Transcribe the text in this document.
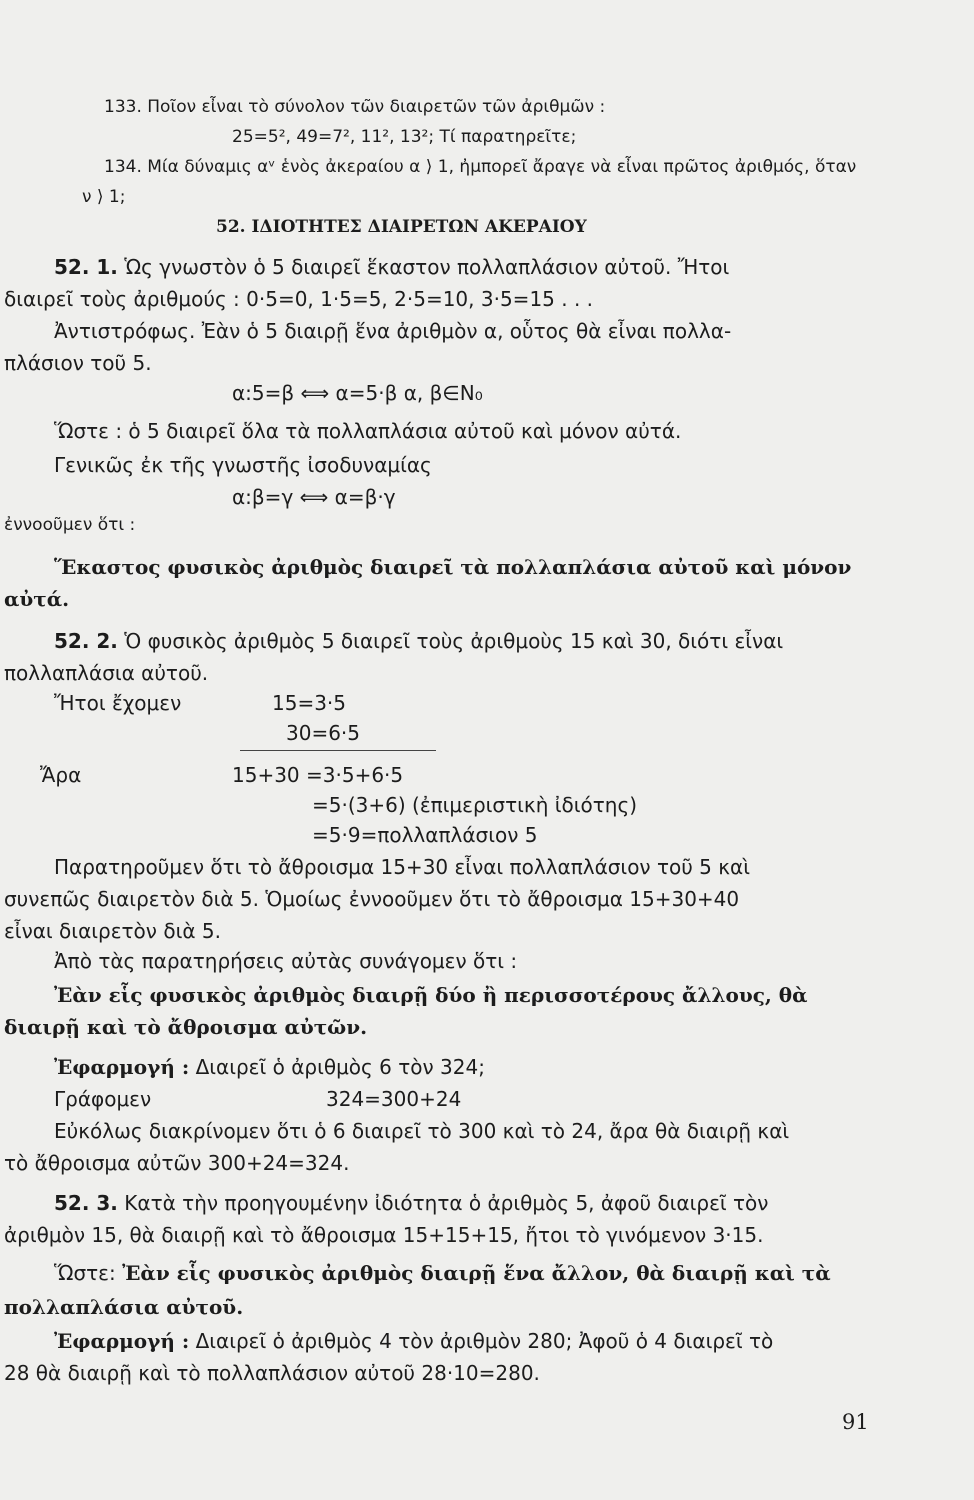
133. Ποῖον εἶναι τὸ σύνολον τῶν διαιρετῶν τῶν ἀριθμῶν :
25=5², 49=7², 11², 13²; Τί παρατηρεῖτε;
134. Μία δύναμις αᵛ ἑνὸς ἀκεραίου α ⟩ 1, ἠμπορεῖ ἄραγε νὰ εἶναι πρῶτος ἀριθμός, ὅταν
ν ⟩ 1;
52. ΙΔΙΟΤΗΤΕΣ ΔΙΑΙΡΕΤΩΝ ΑΚΕΡΑΙΟΥ
52. 1. Ὡς γνωστὸν ὁ 5 διαιρεῖ ἕκαστον πολλαπλάσιον αὐτοῦ. Ἤτοι
διαιρεῖ τοὺς ἀριθμούς : 0·5=0, 1·5=5, 2·5=10, 3·5=15 . . .
Ἀντιστρόφως. Ἐὰν ὁ 5 διαιρῇ ἕνα ἀριθμὸν α, οὗτος θὰ εἶναι πολλα-
πλάσιον τοῦ 5.
α:5=β ⟺ α=5·β α, β∈N₀
Ὥστε : ὁ 5 διαιρεῖ ὅλα τὰ πολλαπλάσια αὐτοῦ καὶ μόνον αὐτά.
Γενικῶς ἐκ τῆς γνωστῆς ἰσοδυναμίας
α:β=γ ⟺ α=β·γ
ἐννοοῦμεν ὅτι :
Ἕκαστος φυσικὸς ἀριθμὸς διαιρεῖ τὰ πολλαπλάσια αὐτοῦ καὶ μόνον
αὐτά.
52. 2. Ὁ φυσικὸς ἀριθμὸς 5 διαιρεῖ τοὺς ἀριθμοὺς 15 καὶ 30, διότι εἶναι
πολλαπλάσια αὐτοῦ.
Ἤτοι ἔχομεν	15=3·5
30=6·5
Ἄρα	15+30 =3·5+6·5
=5·(3+6) (ἐπιμεριστικὴ ἰδιότης)
=5·9=πολλαπλάσιον 5
Παρατηροῦμεν ὅτι τὸ ἄθροισμα 15+30 εἶναι πολλαπλάσιον τοῦ 5 καὶ
συνεπῶς διαιρετὸν διὰ 5. Ὁμοίως ἐννοοῦμεν ὅτι τὸ ἄθροισμα 15+30+40
εἶναι διαιρετὸν διὰ 5.
Ἀπὸ τὰς παρατηρήσεις αὐτὰς συνάγομεν ὅτι :
Ἐὰν εἷς φυσικὸς ἀριθμὸς διαιρῇ δύο ἢ περισσοτέρους ἄλλους, θὰ
διαιρῇ καὶ τὸ ἄθροισμα αὐτῶν.
Ἐφαρμογή : Διαιρεῖ ὁ ἀριθμὸς 6 τὸν 324;
Γράφομεν	324=300+24
Εὐκόλως διακρίνομεν ὅτι ὁ 6 διαιρεῖ τὸ 300 καὶ τὸ 24, ἄρα θὰ διαιρῇ καὶ
τὸ ἄθροισμα αὐτῶν 300+24=324.
52. 3. Κατὰ τὴν προηγουμένην ἰδιότητα ὁ ἀριθμὸς 5, ἀφοῦ διαιρεῖ τὸν
ἀριθμὸν 15, θὰ διαιρῇ καὶ τὸ ἄθροισμα 15+15+15, ἤτοι τὸ γινόμενον 3·15.
Ὥστε: Ἐὰν εἷς φυσικὸς ἀριθμὸς διαιρῇ ἕνα ἄλλον, θὰ διαιρῇ καὶ τὰ
πολλαπλάσια αὐτοῦ.
Ἐφαρμογή : Διαιρεῖ ὁ ἀριθμὸς 4 τὸν ἀριθμὸν 280; Ἀφοῦ ὁ 4 διαιρεῖ τὸ
28 θὰ διαιρῇ καὶ τὸ πολλαπλάσιον αὐτοῦ 28·10=280.
91
